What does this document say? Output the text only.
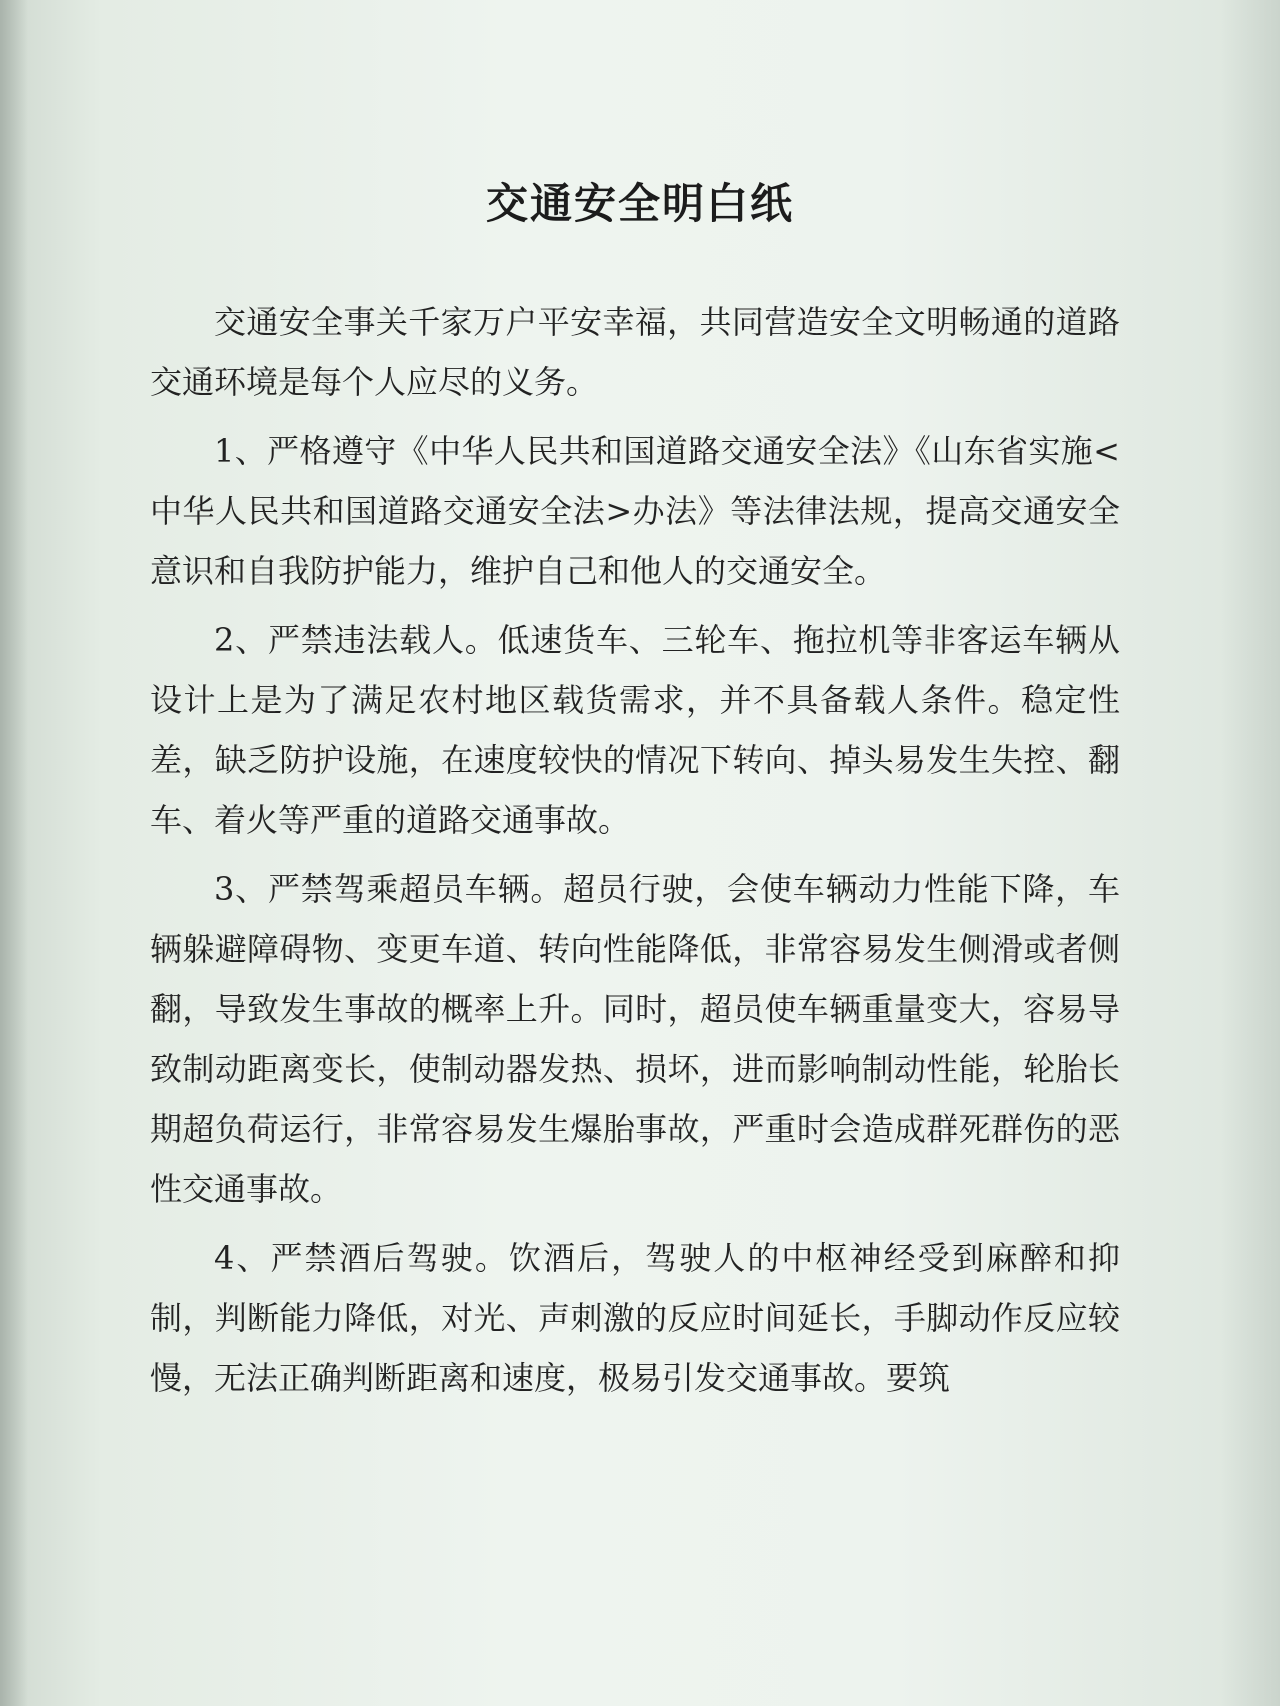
交通安全明白纸

交通安全事关千家万户平安幸福，共同营造安全文明畅通的道路交通环境是每个人应尽的义务。

1、严格遵守《中华人民共和国道路交通安全法》《山东省实施<中华人民共和国道路交通安全法>办法》等法律法规，提高交通安全意识和自我防护能力，维护自己和他人的交通安全。

2、严禁违法载人。低速货车、三轮车、拖拉机等非客运车辆从设计上是为了满足农村地区载货需求，并不具备载人条件。稳定性差，缺乏防护设施，在速度较快的情况下转向、掉头易发生失控、翻车、着火等严重的道路交通事故。

3、严禁驾乘超员车辆。超员行驶，会使车辆动力性能下降，车辆躲避障碍物、变更车道、转向性能降低，非常容易发生侧滑或者侧翻，导致发生事故的概率上升。同时，超员使车辆重量变大，容易导致制动距离变长，使制动器发热、损坏，进而影响制动性能，轮胎长期超负荷运行，非常容易发生爆胎事故，严重时会造成群死群伤的恶性交通事故。

4、严禁酒后驾驶。饮酒后，驾驶人的中枢神经受到麻醉和抑制，判断能力降低，对光、声刺激的反应时间延长，手脚动作反应较慢，无法正确判断距离和速度，极易引发交通事故。要筑
